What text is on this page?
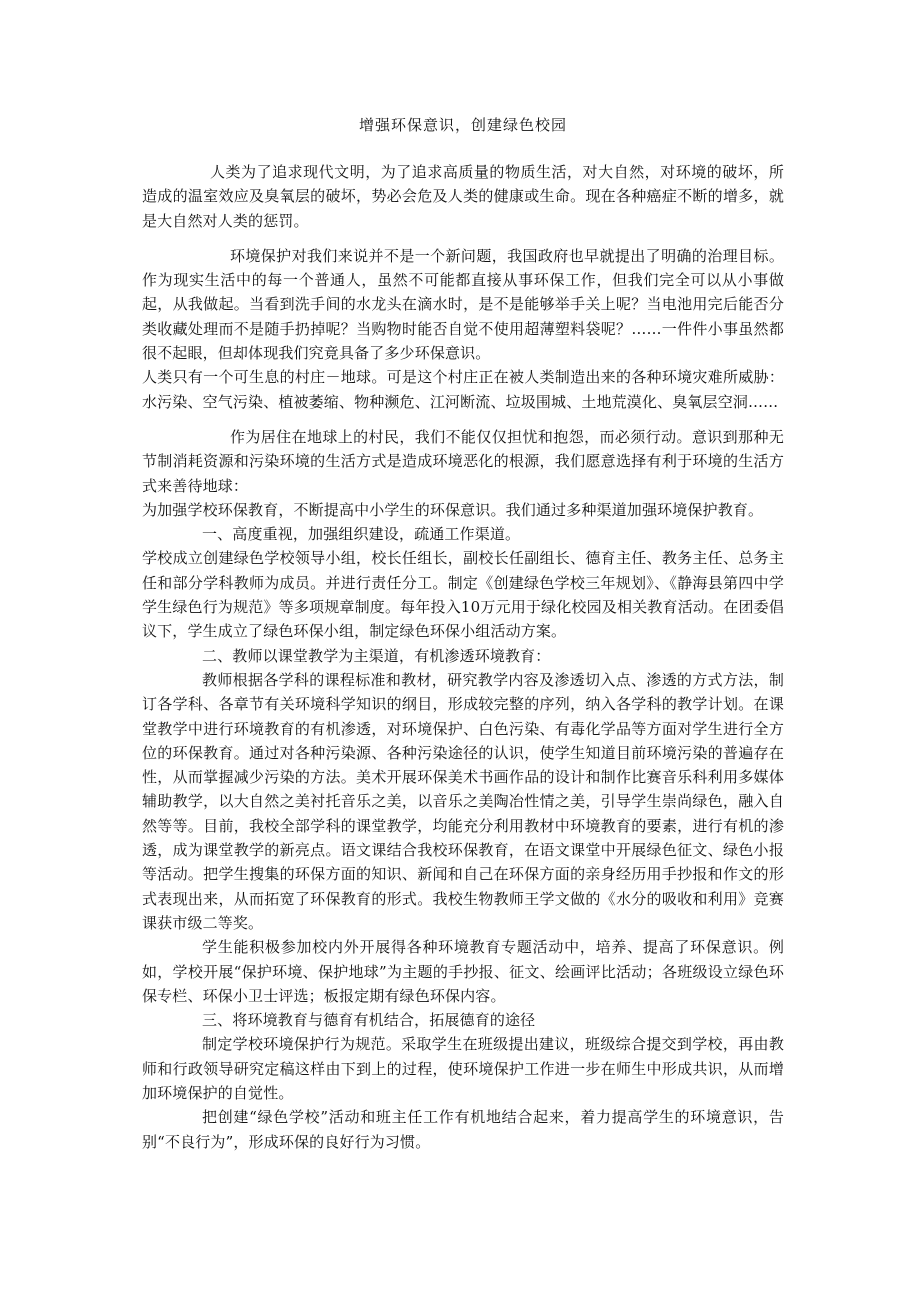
增强环保意识，创建绿色校园

人类为了追求现代文明，为了追求高质量的物质生活，对大自然，对环境的破坏，所造成的温室效应及臭氧层的破坏，势必会危及人类的健康或生命。现在各种癌症不断的增多，就是大自然对人类的惩罚。

环境保护对我们来说并不是一个新问题，我国政府也早就提出了明确的治理目标。作为现实生活中的每一个普通人，虽然不可能都直接从事环保工作，但我们完全可以从小事做起，从我做起。当看到洗手间的水龙头在滴水时，是不是能够举手关上呢？当电池用完后能否分类收藏处理而不是随手扔掉呢？当购物时能否自觉不使用超薄塑料袋呢？……一件件小事虽然都很不起眼，但却体现我们究竟具备了多少环保意识。

人类只有一个可生息的村庄－地球。可是这个村庄正在被人类制造出来的各种环境灾难所威胁：水污染、空气污染、植被萎缩、物种濒危、江河断流、垃圾围城、土地荒漠化、臭氧层空洞……

作为居住在地球上的村民，我们不能仅仅担忧和抱怨，而必须行动。意识到那种无节制消耗资源和污染环境的生活方式是造成环境恶化的根源，我们愿意选择有利于环境的生活方式来善待地球：

为加强学校环保教育，不断提高中小学生的环保意识。我们通过多种渠道加强环境保护教育。

一、高度重视，加强组织建设，疏通工作渠道。

学校成立创建绿色学校领导小组，校长任组长，副校长任副组长、德育主任、教务主任、总务主任和部分学科教师为成员。并进行责任分工。制定《创建绿色学校三年规划》、《静海县第四中学学生绿色行为规范》等多项规章制度。每年投入10万元用于绿化校园及相关教育活动。在团委倡议下，学生成立了绿色环保小组，制定绿色环保小组活动方案。

二、教师以课堂教学为主渠道，有机渗透环境教育：

教师根据各学科的课程标准和教材，研究教学内容及渗透切入点、渗透的方式方法，制订各学科、各章节有关环境科学知识的纲目，形成较完整的序列，纳入各学科的教学计划。在课堂教学中进行环境教育的有机渗透，对环境保护、白色污染、有毒化学品等方面对学生进行全方位的环保教育。通过对各种污染源、各种污染途径的认识，使学生知道目前环境污染的普遍存在性，从而掌握减少污染的方法。美术开展环保美术书画作品的设计和制作比赛音乐科利用多媒体辅助教学，以大自然之美衬托音乐之美，以音乐之美陶冶性情之美，引导学生崇尚绿色，融入自然等等。目前，我校全部学科的课堂教学，均能充分利用教材中环境教育的要素，进行有机的渗透，成为课堂教学的新亮点。语文课结合我校环保教育，在语文课堂中开展绿色征文、绿色小报等活动。把学生搜集的环保方面的知识、新闻和自己在环保方面的亲身经历用手抄报和作文的形式表现出来，从而拓宽了环保教育的形式。我校生物教师王学文做的《水分的吸收和利用》竞赛课获市级二等奖。

学生能积极参加校内外开展得各种环境教育专题活动中，培养、提高了环保意识。例如，学校开展“保护环境、保护地球”为主题的手抄报、征文、绘画评比活动；各班级设立绿色环保专栏、环保小卫士评选；板报定期有绿色环保内容。

三、将环境教育与德育有机结合，拓展德育的途径

制定学校环境保护行为规范。采取学生在班级提出建议，班级综合提交到学校，再由教师和行政领导研究定稿这样由下到上的过程，使环境保护工作进一步在师生中形成共识，从而增加环境保护的自觉性。

把创建“绿色学校”活动和班主任工作有机地结合起来，着力提高学生的环境意识，告别“不良行为”，形成环保的良好行为习惯。
